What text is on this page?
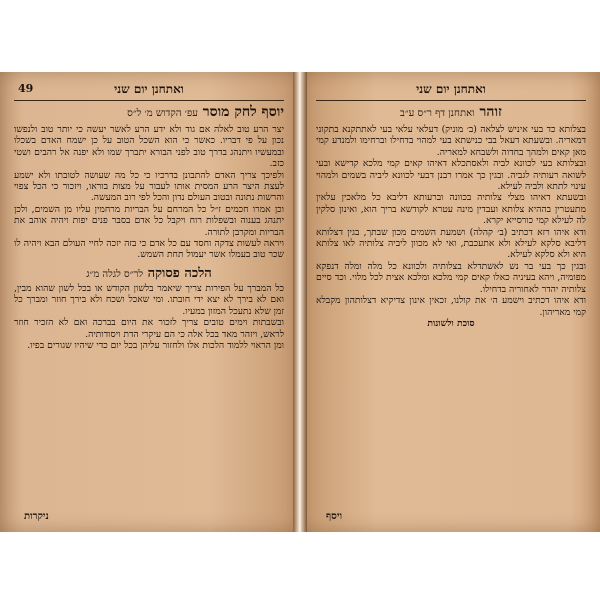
ואתחנן יום שני
49
יוסף לחק מוסר עפ׳ הקדוש מ׳ ל״ס

יצר הרע טוב לאלה אם גוד ולא ידע הרע לאשר יעשה כי יותר טוב ולנפשו נכון על פי דבריו. כאשר כי הוא השכל הטוב על כן ישמח האדם בשכלו ובמעשיו ויתנהג בדרך טוב לפני הבורא יתברך שמו ולא יפנה אל רהבים ושטי כזב.

ולפיכך צריך האדם להתבונן בדרכיו כי כל מה שעושה לטובתו ולא ישמע לעצת היצר הרע המסית אותו לעבור על מצות בוראו, ויזכור כי הכל צפוי והרשות נתונה ובטוב העולם נדון והכל לפי רוב המעשה.

וכן אמרו חכמים ז״ל כל המרחם על הבריות מרחמין עליו מן השמים, ולכן יתנהג בענוה ובשפלות רוח ויקבל כל אדם בסבר פנים יפות ויהיה אוהב את הבריות ומקרבן לתורה.

ויראה לעשות צדקה וחסד עם כל אדם כי בזה יזכה לחיי העולם הבא ויהיה לו שכר טוב בעמלו אשר יעמול תחת השמש.

הלכה פסוקה לר״ס לגלה מ״ג

כל המברך על הפירות צריך שיאמר בלשון הקודש או בכל לשון שהוא מבין, ואם לא בירך לא יצא ידי חובתו. ומי שאכל ושכח ולא בירך חוזר ומברך כל זמן שלא נתעכל המזון במעיו.

ובשבתות וימים טובים צריך לזכור את היום בברכה ואם לא הזכיר חוזר לראש, ויזהר מאד בכל אלה כי הם עיקרי הדת ויסודותיה.

ומן הראוי ללמוד הלכות אלו ולחזור עליהן בכל יום כדי שיהיו שגורים בפיו.

ניקרות
ואתחנן יום שני
זוהר ואתחנן דף ר״ס ע״ב

בצלותא כד בעי איניש לצלאה (ב׳ מוניק) דעלאי עלאי בעי לאתתקנא בתקוני דמאריה. ובשעתא דעאל בבי כנישתא בעי למהוי בדחילו וברחימו ולמנדע קמי מאן קאים ולמהך בחדוה ולשבחא למאריה.

ובצלותא בעי לכוונא לביה ולאסתכלא דאיהו קאים קמי מלכא קדישא ובעי לשואה רעותיה לגביה. ובגין כך אמרו רבנן דבעי לכוונא ליביה בשמים ולמהוי עינוי לתתא ולביה לעילא.

ובשעתא דאיהו מצלי צלותיה בכוונה וברעותא דליבא כל מלאכין עלאין מתעטרין בההיא צלותא ועבדין מינה עטרא לקודשא בריך הוא, ואינון סלקין לה לעילא קמי כורסייא יקרא.

ודא איהו רזא דכתיב (ב׳ קהלה) ושמעת השמים מכון שבתך, בגין דצלותא דליבא סלקא לעילא ולא אתעכבת, ואי לא מכוון ליביה צלותיה לאו צלותא היא ולא סלקא לעילא.

ובגין כך בעי בר נש לאשתדלא בצלותיה ולכוונא כל מלה ומלה דנפקא מפומיה, ויהא בעיניה כאלו קאים קמי מלכא ומלכא אצית לכל מלוי. וכד סיים צלותיה יהדר לאחוריה בדחילו.

ודא איהו דכתיב וישמע ה׳ את קולנו, זכאין אינון צדיקיא דצלותהון מקבלא קמי מאריהון.

סוכת ולשונות

ויסף
